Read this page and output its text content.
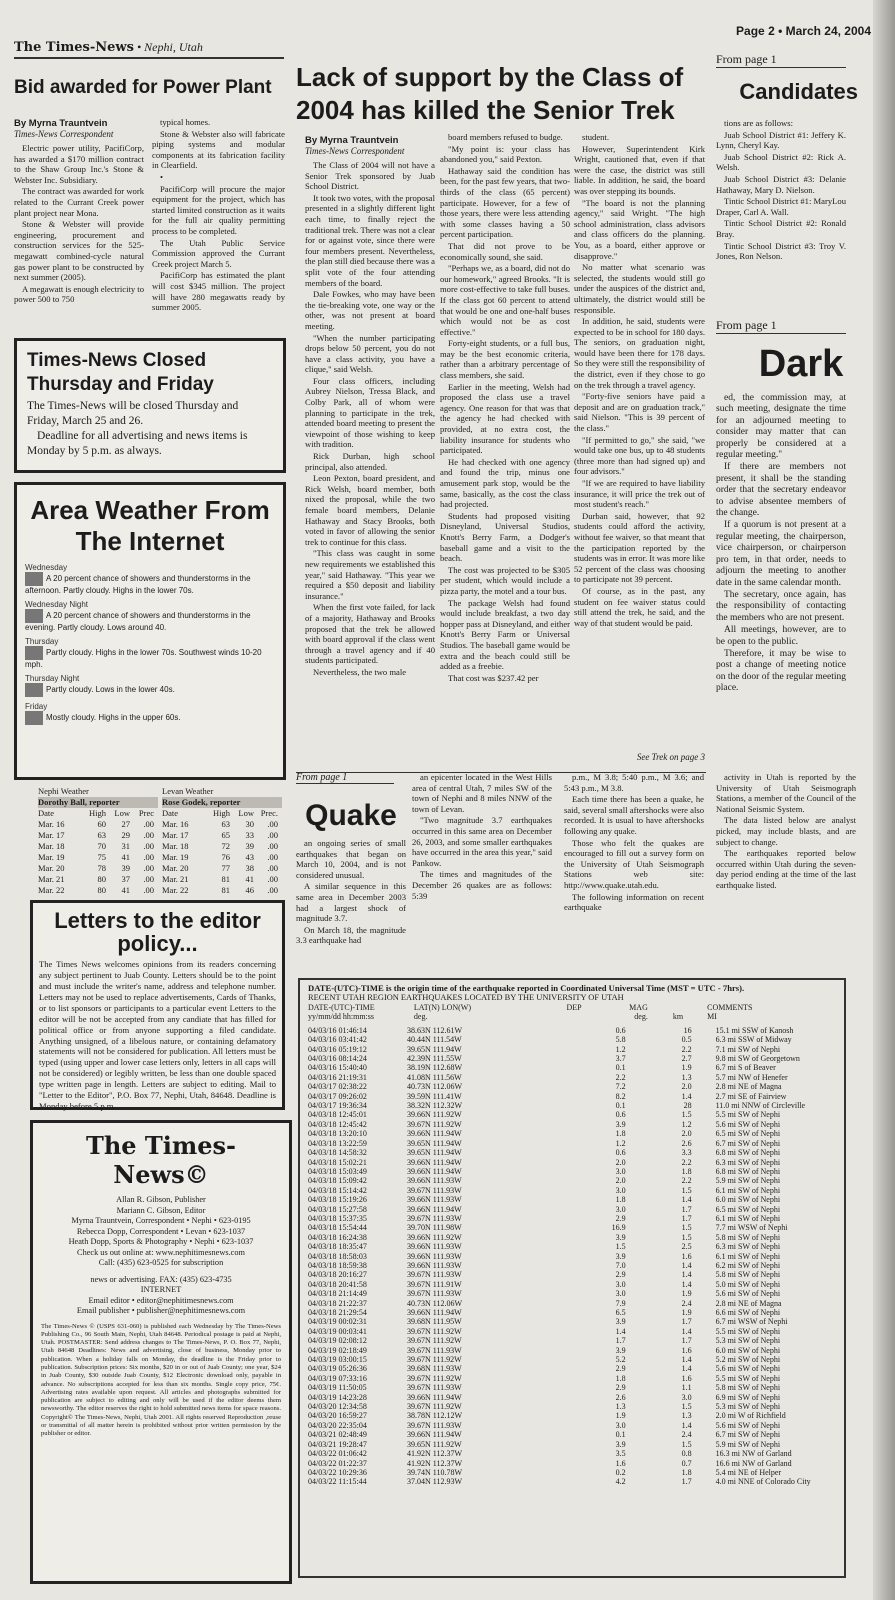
The Times-News • Nephi, Utah
Page 2 • March 24, 2004
Bid awarded for Power Plant
By Myrna Trauntvein
Times-News Correspondent

Electric power utility, PacifiCorp, has awarded a $170 million contract to the Shaw Group Inc.'s Stone & Webster Inc. Subsidiary.

The contract was awarded for work related to the Currant Creek power plant project near Mona.

Stone & Webster will provide engineering, procurement and construction services for the 525-megawatt combined-cycle natural gas power plant to be constructed by next summer (2005).

A megawatt is enough electricity to power 500 to 750

typical homes.

Stone & Webster also will fabricate piping systems and modular components at its fabrication facility in Clearfield.

•

PacifiCorp will procure the major equipment for the project, which has started limited construction as it waits for the full air quality permitting process to be completed.

The Utah Public Service Commission approved the Currant Creek project March 5.

PacifiCorp has estimated the plant will cost $345 million. The project will have 280 megawatts ready by summer 2005.

Times-News Closed
Thursday and Friday
The Times-News will be closed Thursday and Friday, March 25 and 26.
Deadline for all advertising and news items is Monday by 5 p.m. as always.
Area Weather From The Internet
Wednesday
A 20 percent chance of showers and thunderstorms in the afternoon. Partly cloudy. Highs in the lower 70s.
Wednesday Night
A 20 percent chance of showers and thunderstorms in the evening. Partly cloudy. Lows around 40.
Thursday
Partly cloudy. Highs in the lower 70s. Southwest winds 10-20 mph.
Thursday Night
Partly cloudy. Lows in the lower 40s.
Friday
Mostly cloudy. Highs in the upper 60s.
Nephi Weather
Dorothy Ball, reporter
Date	High Low	Prec
Mar. 16	60	27	.00
Mar. 17	63	29	.00
Mar. 18	70	31	.00
Mar. 19	75	41	.00
Mar. 20	78	39	.00
Mar. 21	80	37	.00
Mar. 22	80	41	.00
Levan Weather
Rose Godek, reporter
Date	High Low Prec.
Mar. 16	63	30	.00
Mar. 17	65	33	.00
Mar. 18	72	39	.00
Mar. 19	76	43	.00
Mar. 20	77	38	.00
Mar. 21	81	41	.00
Mar. 22	81	46	.00
Letters to the editor
policy...
The Times News welcomes opinions from its readers concerning any subject pertinent to Juab County. Letters should be to the point and must include the writer's name, address and telephone number. Letters may not be used to replace advertisements, Cards of Thanks, or to list sponsors or participants to a particular event Letters to the editor will be not be accepted from any candiate that has filled for political office or from anyone supporting a filed candidate. Anything unsigned, of a libelous nature, or containing defamatory statements will not be considered for publication. All letters must be typed (using upper and lower case letters only, letters in all caps will not be considered) or legibly written, be less than one double spaced type written page in length. Letters are subject to editing. Mail to "Letter to the Editor", P.O. Box 77, Nephi, Utah, 84648. Deadline is Monday before 5 p.m.
The Times-News©
Allan R. Gibson, Publisher
Mariann C. Gibson, Editor
Myrna Trauntvein, Correspondent • Nephi • 623-0195
Rebecca Dopp, Correspondent • Levan • 623-1037
Heath Dopp, Sports & Photography • Nephi • 623-1037
Check us out online at: www.nephitimesnews.com
Call: (435) 623-0525 for subscription
news or advertising. FAX: (435) 623-4735
INTERNET
Email editor • editor@nephitimesnews.com
Email publisher • publisher@nephitimesnews.com
The Times-News © (USPS 631-060) is published each Wednesday by The Times-News Publishing Co., 96 South Main, Nephi, Utah 84648. Periodical postage is paid at Nephi, Utah. POSTMASTER: Send address changes to The Times-News, P. O. Box 77, Nephi, Utah 84648 Deadlines: News and advertising, close of business, Monday prior to publication. When a holiday falls on Monday, the deadline is the Friday prior to publication. Subscription prices: Six months, $20 in or out of Juab County; one year, $24 in Juab County, $30 outside Juab County, $12 Electronic download only, payable in advance. No subscriptions accepted for less than six months. Single copy price, 75¢. Advertising rates available upon request. All articles and photographs submitted for publication are subject to editing and only will be used if the editor deems them newsworthy. The editor reserves the right to hold submitted news items for space reasons. Copyright© The Times-News, Nephi, Utah 2001. All rights reserved Reproduction ,reuse or transmittal of all matter herein is prohibited without prior written permission by the publisher or editor.
Lack of support by the Class of
2004 has killed the Senior Trek
By Myrna Trauntvein
Times-News Correspondent

The Class of 2004 will not have a Senior Trek sponsored by Juab School District.

It took two votes, with the proposal presented in a slightly different light each time, to finally reject the traditional trek. There was not a clear for or against vote, since there were four members present. Nevertheless, the plan still died because there was a split vote of the four attending members of the board.

Dale Fowkes, who may have been the tie-breaking vote, one way or the other, was not present at board meeting.

"When the number participating drops below 50 percent, you do not have a class activity, you have a clique," said Welsh.

Four class officers, including Aubrey Nielson, Tressa Black, and Colby Park, all of whom were planning to participate in the trek, attended board meeting to present the viewpoint of those wishing to keep with tradition.

Rick Durban, high school principal, also attended.

Leon Pexton, board president, and Rick Welsh, board member, both nixed the proposal, while the two female board members, Delanie Hathaway and Stacy Brooks, both voted in favor of allowing the senior trek to continue for this class.

"This class was caught in some new requirements we established this year," said Hathaway. "This year we required a $50 deposit and liability insurance."

When the first vote failed, for lack of a majority, Hathaway and Brooks proposed that the trek be allowed with board approval if the class went through a travel agency and if 40 students participated.

Nevertheless, the two male

board members refused to budge.

"My point is: your class has abandoned you," said Pexton.

Hathaway said the condition has been, for the past few years, that two-thirds of the class (65 percent) participate. However, for a few of those years, there were less attending with some classes having a 50 percent participation.

That did not prove to be economically sound, she said.

"Perhaps we, as a board, did not do our homework," agreed Brooks. "It is more cost-effective to take full buses. If the class got 60 percent to attend that would be one and one-half buses which would not be as cost effective."

Forty-eight students, or a full bus, may be the best economic criteria, rather than a arbitrary percentage of class members, she said.

Earlier in the meeting, Welsh had proposed the class use a travel agency. One reason for that was that the agency he had checked with provided, at no extra cost, the liability insurance for students who participated.

He had checked with one agency and found the trip, minus one amusement park stop, would be the same, basically, as the cost the class had projected.

Students had proposed visiting Disneyland, Universal Studios, Knott's Berry Farm, a Dodger's baseball game and a visit to the beach.

The cost was projected to be $305 per student, which would include a pizza party, the motel and a tour bus.

The package Welsh had found would include breakfast, a two day hopper pass at Disneyland, and either Knott's Berry Farm or Universal Studios. The baseball game would be extra and the beach could still be added as a freebie.

That cost was $237.42 per

student.

However, Superintendent Kirk Wright, cautioned that, even if that were the case, the district was still liable. In addition, he said, the board was over stepping its bounds.

"The board is not the planning agency," said Wright. "The high school administration, class advisors and class officers do the planning. You, as a board, either approve or disapprove."

No matter what scenario was selected, the students would still go under the auspices of the district and, ultimately, the district would still be responsible.

In addition, he said, students were expected to be in school for 180 days. The seniors, on graduation night, would have been there for 178 days. So they were still the responsibility of the district, even if they chose to go on the trek through a travel agency.

"Forty-five seniors have paid a deposit and are on graduation track," said Nielson. "This is 39 percent of the class."

"If permitted to go," she said, "we would take one bus, up to 48 students (three more than had signed up) and four advisors."

"If we are required to have liability insurance, it will price the trek out of most student's reach."

Durban said, however, that 92 students could afford the activity, without fee waiver, so that meant that the participation reported by the students was in error. It was more like 52 percent of the class was choosing to participate not 39 percent.

Of course, as in the past, any student on fee waiver status could still attend the trek, he said, and the way of that student would be paid.

See Trek on page 3
From page 1
Candidates

tions are as follows:

Juab School District #1: Jeffery K. Lynn, Cheryl Kay.

Juab School District #2: Rick A. Welsh.

Juab School District #3: Delanie Hathaway, Mary D. Nielson.

Tintic School District #1: MaryLou Draper, Carl A. Wall.

Tintic School District #2: Ronald Bray.

Tintic School District #3: Troy V. Jones, Ron Nelson.

From page 1
Dark

ed, the commission may, at such meeting, designate the time for an adjourned meeting to consider may matter that can properly be considered at a regular meeting."

If there are members not present, it shall be the standing order that the secretary endeavor to advise absentee members of the change.

If a quorum is not present at a regular meeting, the chairperson, vice chairperson, or chairperson pro tem, in that order, needs to adjourn the meeting to another date in the same calendar month.

The secretary, once again, has the responsibility of contacting the members who are not present.

All meetings, however, are to be open to the public.

Therefore, it may be wise to post a change of meeting notice on the door of the regular meeting place.

From page 1
Quake

an ongoing series of small earthquakes that began on March 10, 2004, and is not considered unusual.

A similar sequence in this same area in December 2003 had a largest shock of magnitude 3.7.

On March 18, the magnitude 3.3 earthquake had

an epicenter located in the West Hills area of central Utah, 7 miles SW of the town of Nephi and 8 miles NNW of the town of Levan.

"Two magnitude 3.7 earthquakes occurred in this same area on December 26, 2003, and some smaller earthquakes have occurred in the area this year," said Pankow.

The times and magnitudes of the December 26 quakes are as follows: 5:39

p.m., M 3.8; 5:40 p.m., M 3.6; and 5:43 p.m., M 3.8.

Each time there has been a quake, he said, several small aftershocks were also recorded. It is usual to have aftershocks following any quake.

Those who felt the quakes are encouraged to fill out a survey form on the University of Utah Seismograph Stations web site: http://www.quake.utah.edu.

The following information on recent earthquake

activity in Utah is reported by the University of Utah Seismograph Stations, a member of the Council of the National Seismic System.

The data listed below are analyst picked, may include blasts, and are subject to change.

The earthquakes reported below occurred within Utah during the seven-day period ending at the time of the last earthquake listed.

DATE-(UTC)-TIME is the origin time of the earthquake reported in Coordinated Universal Time (MST = UTC - 7hrs).
RECENT UTAH REGION EARTHQUAKES LOCATED BY THE UNIVERSITY OF UTAH
DATE-(UTC)-TIME	LAT(N) LON(W)	DEP	MAG	COMMENTS
yy/mm/dd hh:mm:ss	deg.	deg.	km	MI
04/03/16 01:46:14	38.63N 112.61W	0.6	16	15.1 mi SSW of Kanosh
04/03/16 03:41:42	40.44N 111.54W	5.8	0.5	6.3 mi SSW of Midway
04/03/16 05:19:12	39.65N 111.94W	1.2	2.2	7.1 mi SW of Nephi
04/03/16 08:14:24	42.39N 111.55W	3.7	2.7	9.8 mi SW of Georgetown
04/03/16 15:40:40	38.19N 112.68W	0.1	1.9	6.7 mi S of Beaver
04/03/16 21:19:31	41.08N 111.56W	2.2	1.3	5.7 mi NW of Henefer
04/03/17 02:38:22	40.73N 112.06W	7.2	2.0	2.8 mi NE of Magna
04/03/17 09:26:02	39.59N 111.41W	8.2	1.4	2.7 mi SE of Fairview
04/03/17 19:36:34	38.32N 112.32W	0.1	28	11.0 mi NNW of Circleville
04/03/18 12:45:01	39.66N 111.92W	0.6	1.5	5.5 mi SW of Nephi
04/03/18 12:45:42	39.67N 111.92W	3.9	1.2	5.6 mi SW of Nephi
04/03/18 13:20:10	39.66N 111.94W	1.8	2.0	6.5 mi SW of Nephi
04/03/18 13:22:59	39.65N 111.94W	1.2	2.6	6.7 mi SW of Nephi
04/03/18 14:58:32	39.65N 111.94W	0.6	3.3	6.8 mi SW of Nephi
04/03/18 15:02:21	39.66N 111.94W	2.0	2.2	6.3 mi SW of Nephi
04/03/18 15:03:49	39.66N 111.94W	3.0	1.8	6.8 mi SW of Nephi
04/03/18 15:09:42	39.66N 111.93W	2.0	2.2	5.9 mi SW of Nephi
04/03/18 15:14:42	39.67N 111.93W	3.0	1.5	6.1 mi SW of Nephi
04/03/18 15:19:26	39.66N 111.93W	1.8	1.4	6.0 mi SW of Nephi
04/03/18 15:27:58	39.66N 111.94W	3.0	1.7	6.5 mi SW of Nephi
04/03/18 15:37:35	39.67N 111.93W	2.9	1.7	6.1 mi SW of Nephi
04/03/18 15:54:44	39.70N 111.98W	16.9	1.5	7.7 mi WSW of Nephi
04/03/18 16:24:38	39.66N 111.92W	3.9	1.5	5.8 mi SW of Nephi
04/03/18 18:35:47	39.66N 111.93W	1.5	2.5	6.3 mi SW of Nephi
04/03/18 18:58:03	39.66N 111.93W	3.9	1.6	6.1 mi SW of Nephi
04/03/18 18:59:38	39.66N 111.93W	7.0	1.4	6.2 mi SW of Nephi
04/03/18 20:16:27	39.67N 111.93W	2.9	1.4	5.8 mi SW of Nephi
04/03/18 20:41:58	39.67N 111.91W	3.0	1.4	5.0 mi SW of Nephi
04/03/18 21:14:49	39.67N 111.93W	3.0	1.9	5.6 mi SW of Nephi
04/03/18 21:22:37	40.73N 112.06W	7.9	2.4	2.8 mi NE of Magna
04/03/18 21:29:54	39.66N 111.94W	6.5	1.9	6.6 mi SW of Nephi
04/03/19 00:02:31	39.68N 111.95W	3.9	1.7	6.7 mi WSW of Nephi
04/03/19 00:03:41	39.67N 111.92W	1.4	1.4	5.5 mi SW of Nephi
04/03/19 02:08:12	39.67N 111.92W	1.7	1.7	5.3 mi SW of Nephi
04/03/19 02:18:49	39.67N 111.93W	3.9	1.6	6.0 mi SW of Nephi
04/03/19 03:00:15	39.67N 111.92W	5.2	1.4	5.2 mi SW of Nephi
04/03/19 05:26:36	39.68N 111.93W	2.9	1.4	5.6 mi SW of Nephi
04/03/19 07:33:16	39.67N 111.92W	1.8	1.6	5.5 mi SW of Nephi
04/03/19 11:50:05	39.67N 111.93W	2.9	1.1	5.8 mi SW of Nephi
04/03/19 14:23:28	39.66N 111.94W	2.6	3.0	6.9 mi SW of Nephi
04/03/20 12:34:58	39.67N 111.92W	1.3	1.5	5.3 mi SW of Nephi
04/03/20 16:59:27	38.78N 112.12W	1.9	1.3	2.0 mi W of Richfield
04/03/20 22:35:04	39.67N 111.93W	3.0	1.4	5.6 mi SW of Nephi
04/03/21 02:48:49	39.66N 111.94W	0.1	2.4	6.7 mi SW of Nephi
04/03/21 19:28:47	39.65N 111.92W	3.9	1.5	5.9 mi SW of Nephi
04/03/22 01:06:42	41.92N 112.37W	3.5	0.8	16.3 mi NW of Garland
04/03/22 01:22:37	41.92N 112.37W	1.6	0.7	16.6 mi NW of Garland
04/03/22 10:29:36	39.74N 110.78W	0.2	1.8	5.4 mi NE of Helper
04/03/22 11:15:44	37.04N 112.93W	4.2	1.7	4.0 mi NNE of Colorado City
